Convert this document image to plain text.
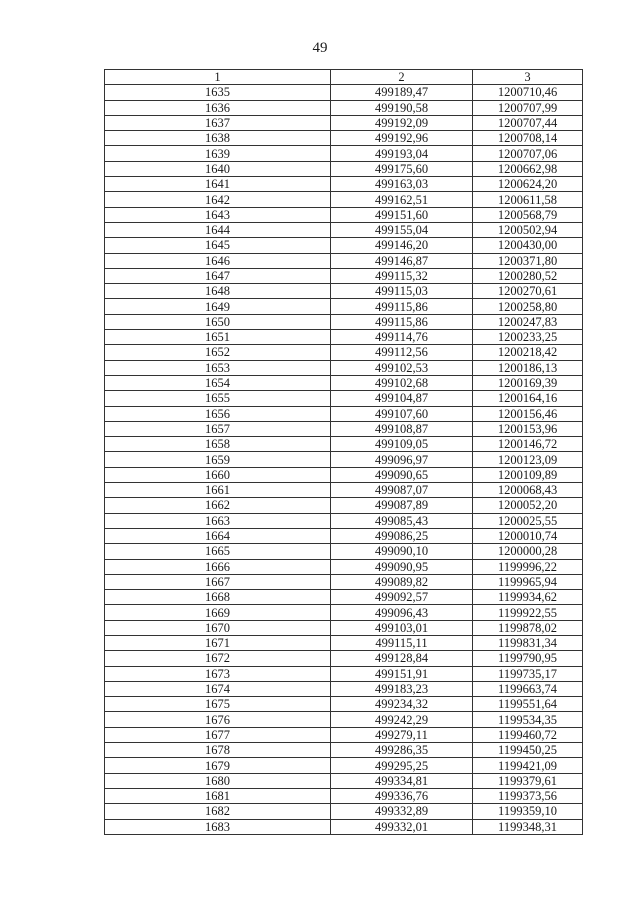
49
1	2	3
1635	499189,47	1200710,46
1636	499190,58	1200707,99
1637	499192,09	1200707,44
1638	499192,96	1200708,14
1639	499193,04	1200707,06
1640	499175,60	1200662,98
1641	499163,03	1200624,20
1642	499162,51	1200611,58
1643	499151,60	1200568,79
1644	499155,04	1200502,94
1645	499146,20	1200430,00
1646	499146,87	1200371,80
1647	499115,32	1200280,52
1648	499115,03	1200270,61
1649	499115,86	1200258,80
1650	499115,86	1200247,83
1651	499114,76	1200233,25
1652	499112,56	1200218,42
1653	499102,53	1200186,13
1654	499102,68	1200169,39
1655	499104,87	1200164,16
1656	499107,60	1200156,46
1657	499108,87	1200153,96
1658	499109,05	1200146,72
1659	499096,97	1200123,09
1660	499090,65	1200109,89
1661	499087,07	1200068,43
1662	499087,89	1200052,20
1663	499085,43	1200025,55
1664	499086,25	1200010,74
1665	499090,10	1200000,28
1666	499090,95	1199996,22
1667	499089,82	1199965,94
1668	499092,57	1199934,62
1669	499096,43	1199922,55
1670	499103,01	1199878,02
1671	499115,11	1199831,34
1672	499128,84	1199790,95
1673	499151,91	1199735,17
1674	499183,23	1199663,74
1675	499234,32	1199551,64
1676	499242,29	1199534,35
1677	499279,11	1199460,72
1678	499286,35	1199450,25
1679	499295,25	1199421,09
1680	499334,81	1199379,61
1681	499336,76	1199373,56
1682	499332,89	1199359,10
1683	499332,01	1199348,31
